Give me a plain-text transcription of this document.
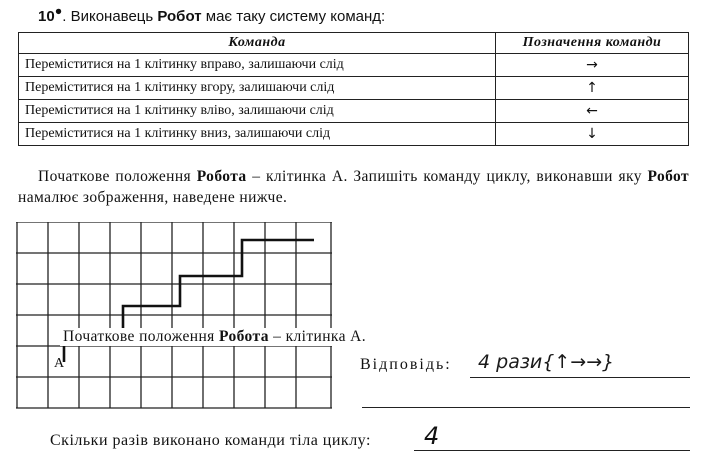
10●. Виконавець Робот має таку систему команд:
Команда	Позначення команди
Переміститися на 1 клітинку вправо, залишаючи слід	→
Переміститися на 1 клітинку вгору, залишаючи слід	↑
Переміститися на 1 клітинку вліво, залишаючи слід	←
Переміститися на 1 клітинку вниз, залишаючи слід	↓
Початкове положення Робота – клітинка А. Запишіть команду циклу, виконавши яку Робот намалює зображення, наведене нижче.
A
Початкове положення Робота – клітинка А.
Відповідь: 4 рази{↑→→}
Скільки разів виконано команди тіла циклу: 4
